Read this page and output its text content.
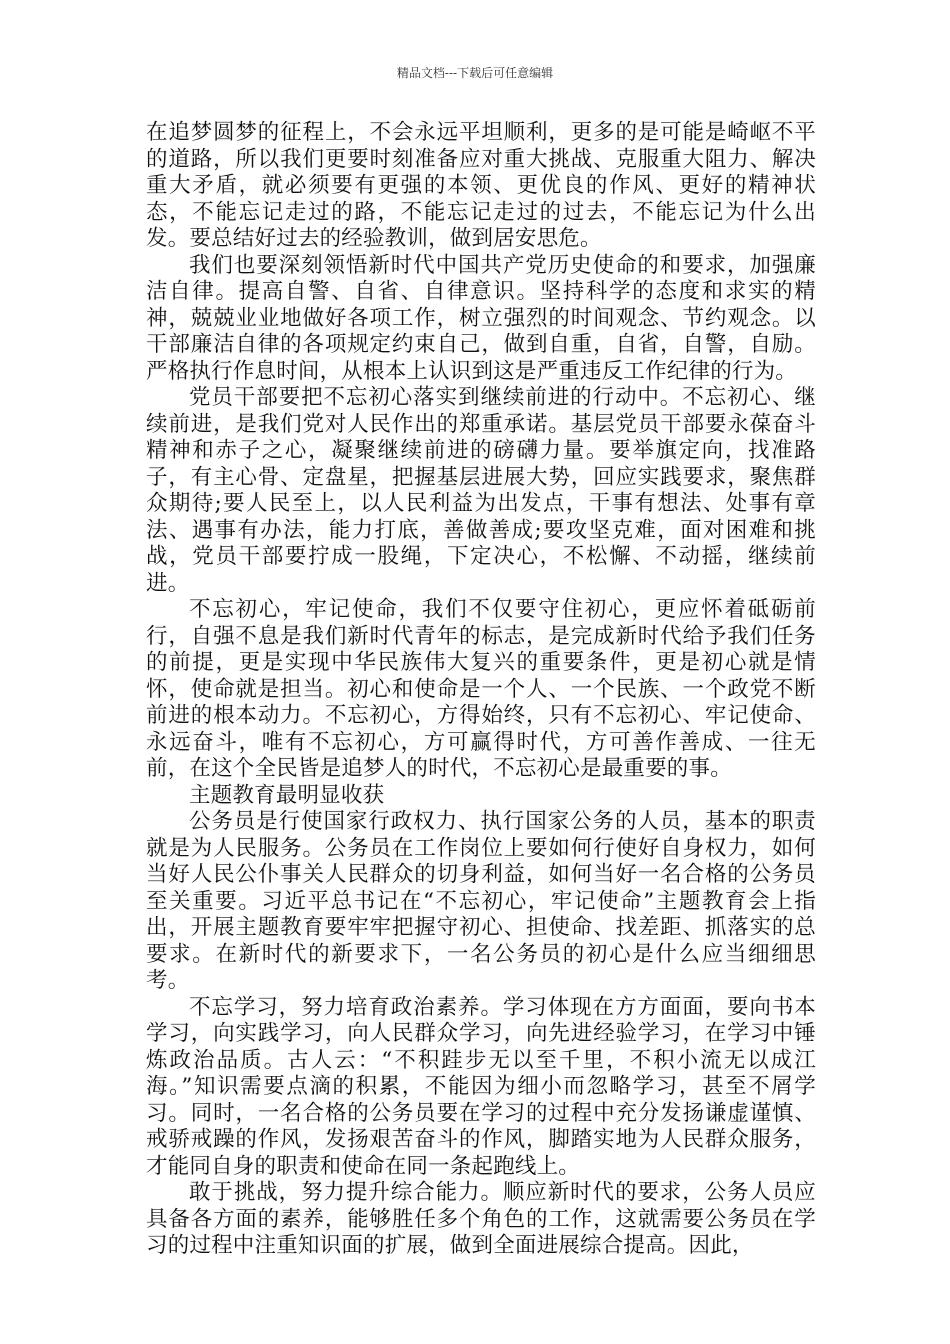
精品文档---下载后可任意编辑

在追梦圆梦的征程上，不会永远平坦顺利，更多的是可能是崎岖不平的道路，所以我们更要时刻准备应对重大挑战、克服重大阻力、解决重大矛盾，就必须要有更强的本领、更优良的作风、更好的精神状态，不能忘记走过的路，不能忘记走过的过去，不能忘记为什么出发。要总结好过去的经验教训，做到居安思危。

我们也要深刻领悟新时代中国共产党历史使命的和要求，加强廉洁自律。提高自警、自省、自律意识。坚持科学的态度和求实的精神，兢兢业业地做好各项工作，树立强烈的时间观念、节约观念。以干部廉洁自律的各项规定约束自己，做到自重，自省，自警，自励。严格执行作息时间，从根本上认识到这是严重违反工作纪律的行为。

党员干部要把不忘初心落实到继续前进的行动中。不忘初心、继续前进，是我们党对人民作出的郑重承诺。基层党员干部要永葆奋斗精神和赤子之心，凝聚继续前进的磅礴力量。要举旗定向，找准路子，有主心骨、定盘星，把握基层进展大势，回应实践要求，聚焦群众期待;要人民至上，以人民利益为出发点，干事有想法、处事有章法、遇事有办法，能力打底，善做善成;要攻坚克难，面对困难和挑战，党员干部要拧成一股绳，下定决心，不松懈、不动摇，继续前进。

不忘初心，牢记使命，我们不仅要守住初心，更应怀着砥砺前行，自强不息是我们新时代青年的标志，是完成新时代给予我们任务的前提，更是实现中华民族伟大复兴的重要条件，更是初心就是情怀，使命就是担当。初心和使命是一个人、一个民族、一个政党不断前进的根本动力。不忘初心，方得始终，只有不忘初心、牢记使命、永远奋斗，唯有不忘初心，方可赢得时代，方可善作善成、一往无前，在这个全民皆是追梦人的时代，不忘初心是最重要的事。

主题教育最明显收获

公务员是行使国家行政权力、执行国家公务的人员，基本的职责就是为人民服务。公务员在工作岗位上要如何行使好自身权力，如何当好人民公仆事关人民群众的切身利益，如何当好一名合格的公务员至关重要。习近平总书记在“不忘初心，牢记使命”主题教育会上指出，开展主题教育要牢牢把握守初心、担使命、找差距、抓落实的总要求。在新时代的新要求下，一名公务员的初心是什么应当细细思考。

不忘学习，努力培育政治素养。学习体现在方方面面，要向书本学习，向实践学习，向人民群众学习，向先进经验学习，在学习中锤炼政治品质。古人云：“不积跬步无以至千里，不积小流无以成江海。”知识需要点滴的积累，不能因为细小而忽略学习，甚至不屑学习。同时，一名合格的公务员要在学习的过程中充分发扬谦虚谨慎、戒骄戒躁的作风，发扬艰苦奋斗的作风，脚踏实地为人民群众服务，才能同自身的职责和使命在同一条起跑线上。

敢于挑战，努力提升综合能力。顺应新时代的要求，公务人员应具备各方面的素养，能够胜任多个角色的工作，这就需要公务员在学习的过程中注重知识面的扩展，做到全面进展综合提高。因此，
